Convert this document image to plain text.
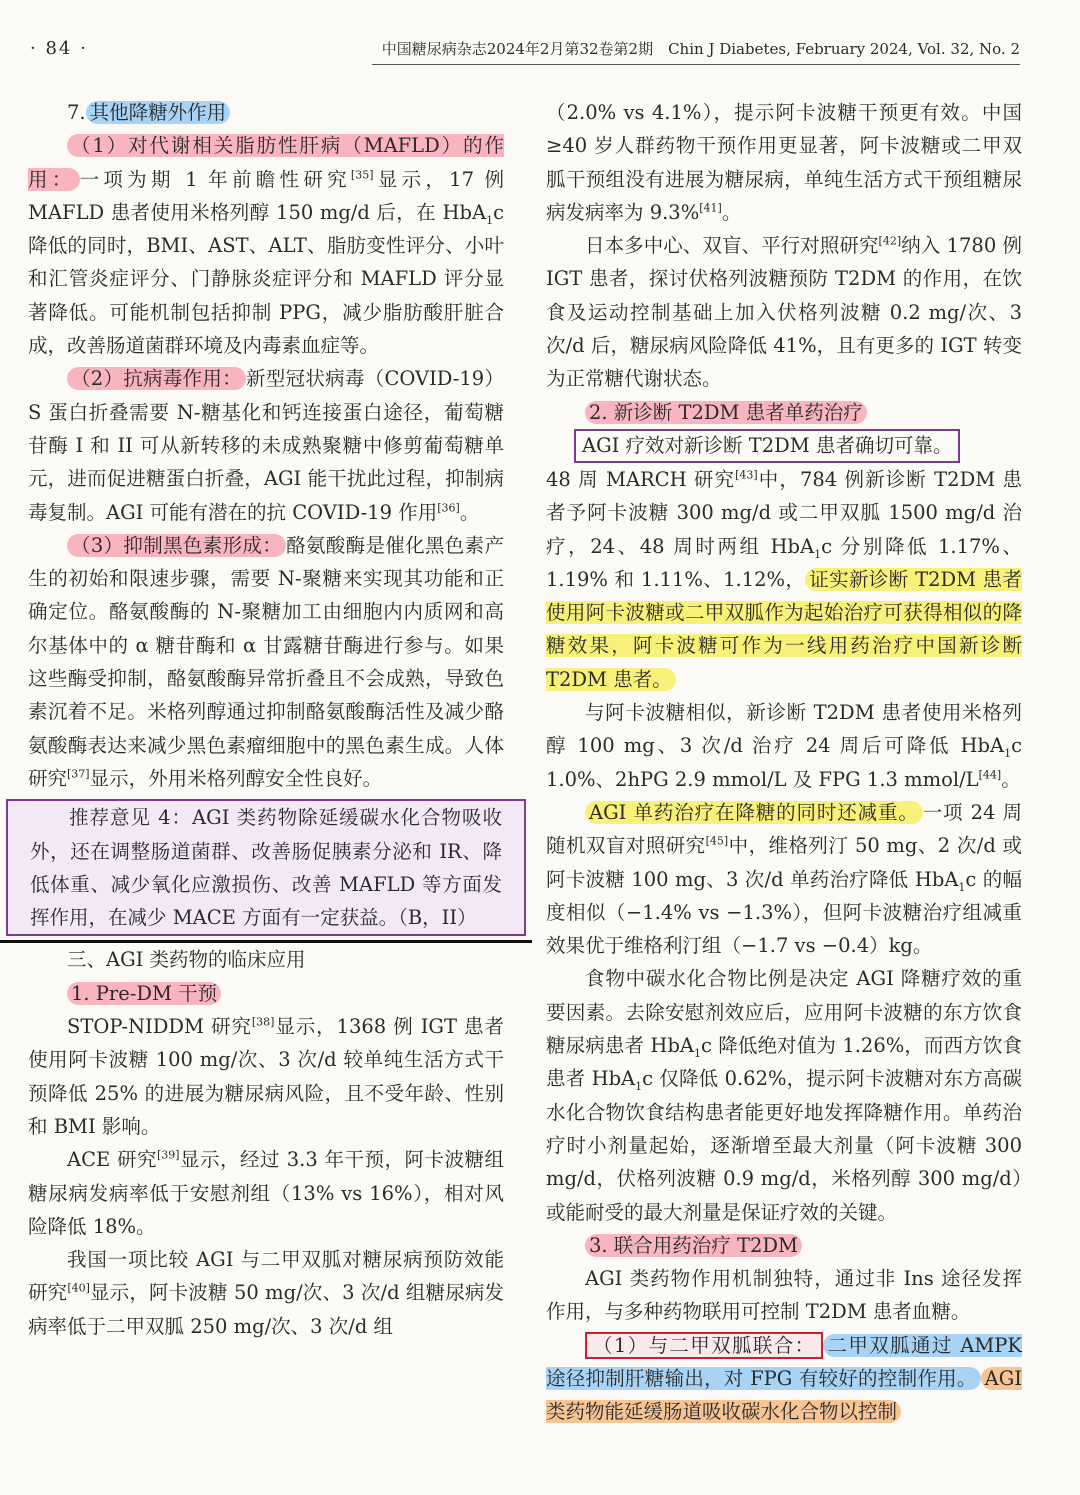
· 84 ·	中国糖尿病杂志2024年2月第32卷第2期　Chin J Diabetes, February 2024, Vol. 32, No. 2

7. 其他降糖外作用

（1）对代谢相关脂肪性肝病（MAFLD）的作用： 一项为期 1 年前瞻性研究[35]显示，17 例 MAFLD 患者使用米格列醇 150 mg/d 后，在 HbA$_1$c 降低的同时，BMI、AST、ALT、脂肪变性评分、小叶和汇管炎症评分、门静脉炎症评分和 MAFLD 评分显著降低。可能机制包括抑制 PPG，减少脂肪酸肝脏合成，改善肠道菌群环境及内毒素血症等。

（2）抗病毒作用： 新型冠状病毒（COVID-19）S 蛋白折叠需要 N-糖基化和钙连接蛋白途径，葡萄糖苷酶 I 和 II 可从新转移的未成熟聚糖中修剪葡萄糖单元，进而促进糖蛋白折叠，AGI 能干扰此过程，抑制病毒复制。AGI 可能有潜在的抗 COVID-19 作用[36]。

（3）抑制黑色素形成： 酪氨酸酶是催化黑色素产生的初始和限速步骤，需要 N-聚糖来实现其功能和正确定位。酪氨酸酶的 N-聚糖加工由细胞内内质网和高尔基体中的 α 糖苷酶和 α 甘露糖苷酶进行参与。如果这些酶受抑制，酪氨酸酶异常折叠且不会成熟，导致色素沉着不足。米格列醇通过抑制酪氨酸酶活性及减少酪氨酸酶表达来减少黑色素瘤细胞中的黑色素生成。人体研究[37]显示，外用米格列醇安全性良好。

推荐意见 4：AGI 类药物除延缓碳水化合物吸收外，还在调整肠道菌群、改善肠促胰素分泌和 IR、降低体重、减少氧化应激损伤、改善 MAFLD 等方面发挥作用，在减少 MACE 方面有一定获益。（B，II）

三、AGI 类药物的临床应用

1. Pre-DM 干预

STOP-NIDDM 研究[38]显示，1368 例 IGT 患者使用阿卡波糖 100 mg/次、3 次/d 较单纯生活方式干预降低 25% 的进展为糖尿病风险，且不受年龄、性别和 BMI 影响。

ACE 研究[39]显示，经过 3.3 年干预，阿卡波糖组糖尿病发病率低于安慰剂组（13% vs 16%），相对风险降低 18%。

我国一项比较 AGI 与二甲双胍对糖尿病预防效能研究[40]显示，阿卡波糖 50 mg/次、3 次/d 组糖尿病发病率低于二甲双胍 250 mg/次、3 次/d 组

（2.0% vs 4.1%），提示阿卡波糖干预更有效。中国≥40 岁人群药物干预作用更显著，阿卡波糖或二甲双胍干预组没有进展为糖尿病，单纯生活方式干预组糖尿病发病率为 9.3%[41]。

日本多中心、双盲、平行对照研究[42]纳入 1780 例 IGT 患者，探讨伏格列波糖预防 T2DM 的作用，在饮食及运动控制基础上加入伏格列波糖 0.2 mg/次、3 次/d 后，糖尿病风险降低 41%，且有更多的 IGT 转变为正常糖代谢状态。

2. 新诊断 T2DM 患者单药治疗

AGI 疗效对新诊断 T2DM 患者确切可靠。

48 周 MARCH 研究[43]中，784 例新诊断 T2DM 患者予阿卡波糖 300 mg/d 或二甲双胍 1500 mg/d 治疗，24、48 周时两组 HbA$_1$c 分别降低 1.17%、1.19% 和 1.11%、1.12%， 证实新诊断 T2DM 患者使用阿卡波糖或二甲双胍作为起始治疗可获得相似的降糖效果，阿卡波糖可作为一线用药治疗中国新诊断 T2DM 患者。

与阿卡波糖相似，新诊断 T2DM 患者使用米格列醇 100 mg、3 次/d 治疗 24 周后可降低 HbA$_1$c 1.0%、2hPG 2.9 mmol/L 及 FPG 1.3 mmol/L[44]。

AGI 单药治疗在降糖的同时还减重。 一项 24 周随机双盲对照研究[45]中，维格列汀 50 mg、2 次/d 或阿卡波糖 100 mg、3 次/d 单药治疗降低 HbA$_1$c 的幅度相似（−1.4% vs −1.3%），但阿卡波糖治疗组减重效果优于维格利汀组（−1.7 vs −0.4）kg。

食物中碳水化合物比例是决定 AGI 降糖疗效的重要因素。去除安慰剂效应后，应用阿卡波糖的东方饮食糖尿病患者 HbA$_1$c 降低绝对值为 1.26%，而西方饮食患者 HbA$_1$c 仅降低 0.62%，提示阿卡波糖对东方高碳水化合物饮食结构患者能更好地发挥降糖作用。单药治疗时小剂量起始，逐渐增至最大剂量（阿卡波糖 300 mg/d，伏格列波糖 0.9 mg/d，米格列醇 300 mg/d）或能耐受的最大剂量是保证疗效的关键。

3. 联合用药治疗 T2DM

AGI 类药物作用机制独特，通过非 Ins 途径发挥作用，与多种药物联用可控制 T2DM 患者血糖。

（1）与二甲双胍联合： 二甲双胍通过 AMPK 途径抑制肝糖输出，对 FPG 有较好的控制作用。 AGI 类药物能延缓肠道吸收碳水化合物以控制
